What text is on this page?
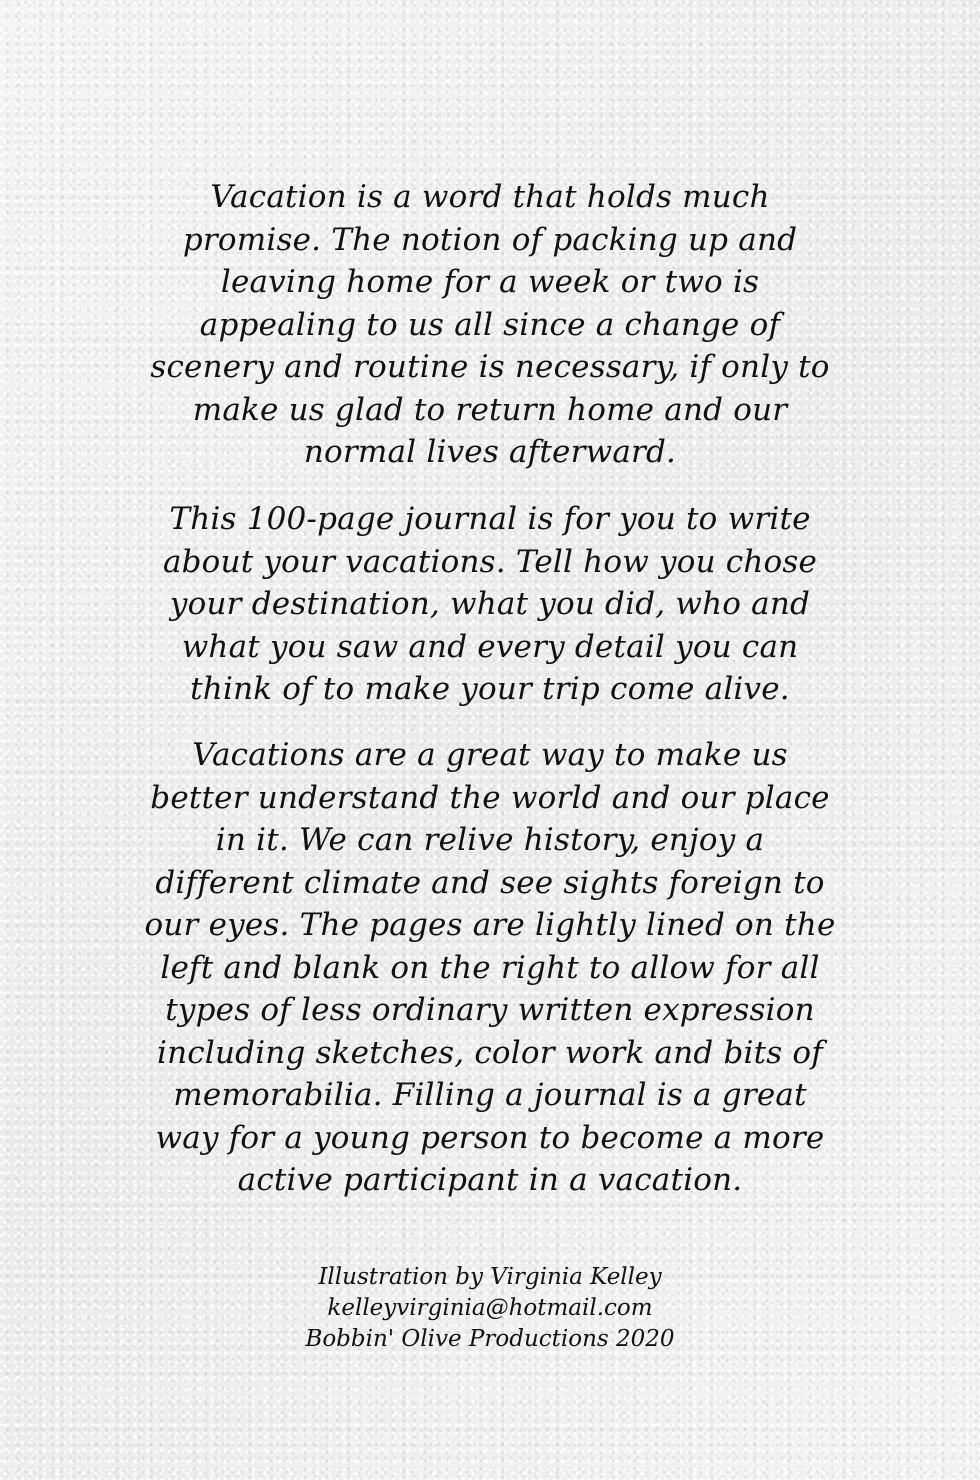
Vacation is a word that holds much

promise. The notion of packing up and

leaving home for a week or two is

appealing to us all since a change of

scenery and routine is necessary, if only to

make us glad to return home and our

normal lives afterward.

This 100-page journal is for you to write

about your vacations. Tell how you chose

your destination, what you did, who and

what you saw and every detail you can

think of to make your trip come alive.

Vacations are a great way to make us

better understand the world and our place

in it. We can relive history, enjoy a

different climate and see sights foreign to

our eyes. The pages are lightly lined on the

left and blank on the right to allow for all

types of less ordinary written expression

including sketches, color work and bits of

memorabilia. Filling a journal is a great

way for a young person to become a more

active participant in a vacation.

Illustration by Virginia Kelley
kelleyvirginia@hotmail.com
Bobbin' Olive Productions 2020
